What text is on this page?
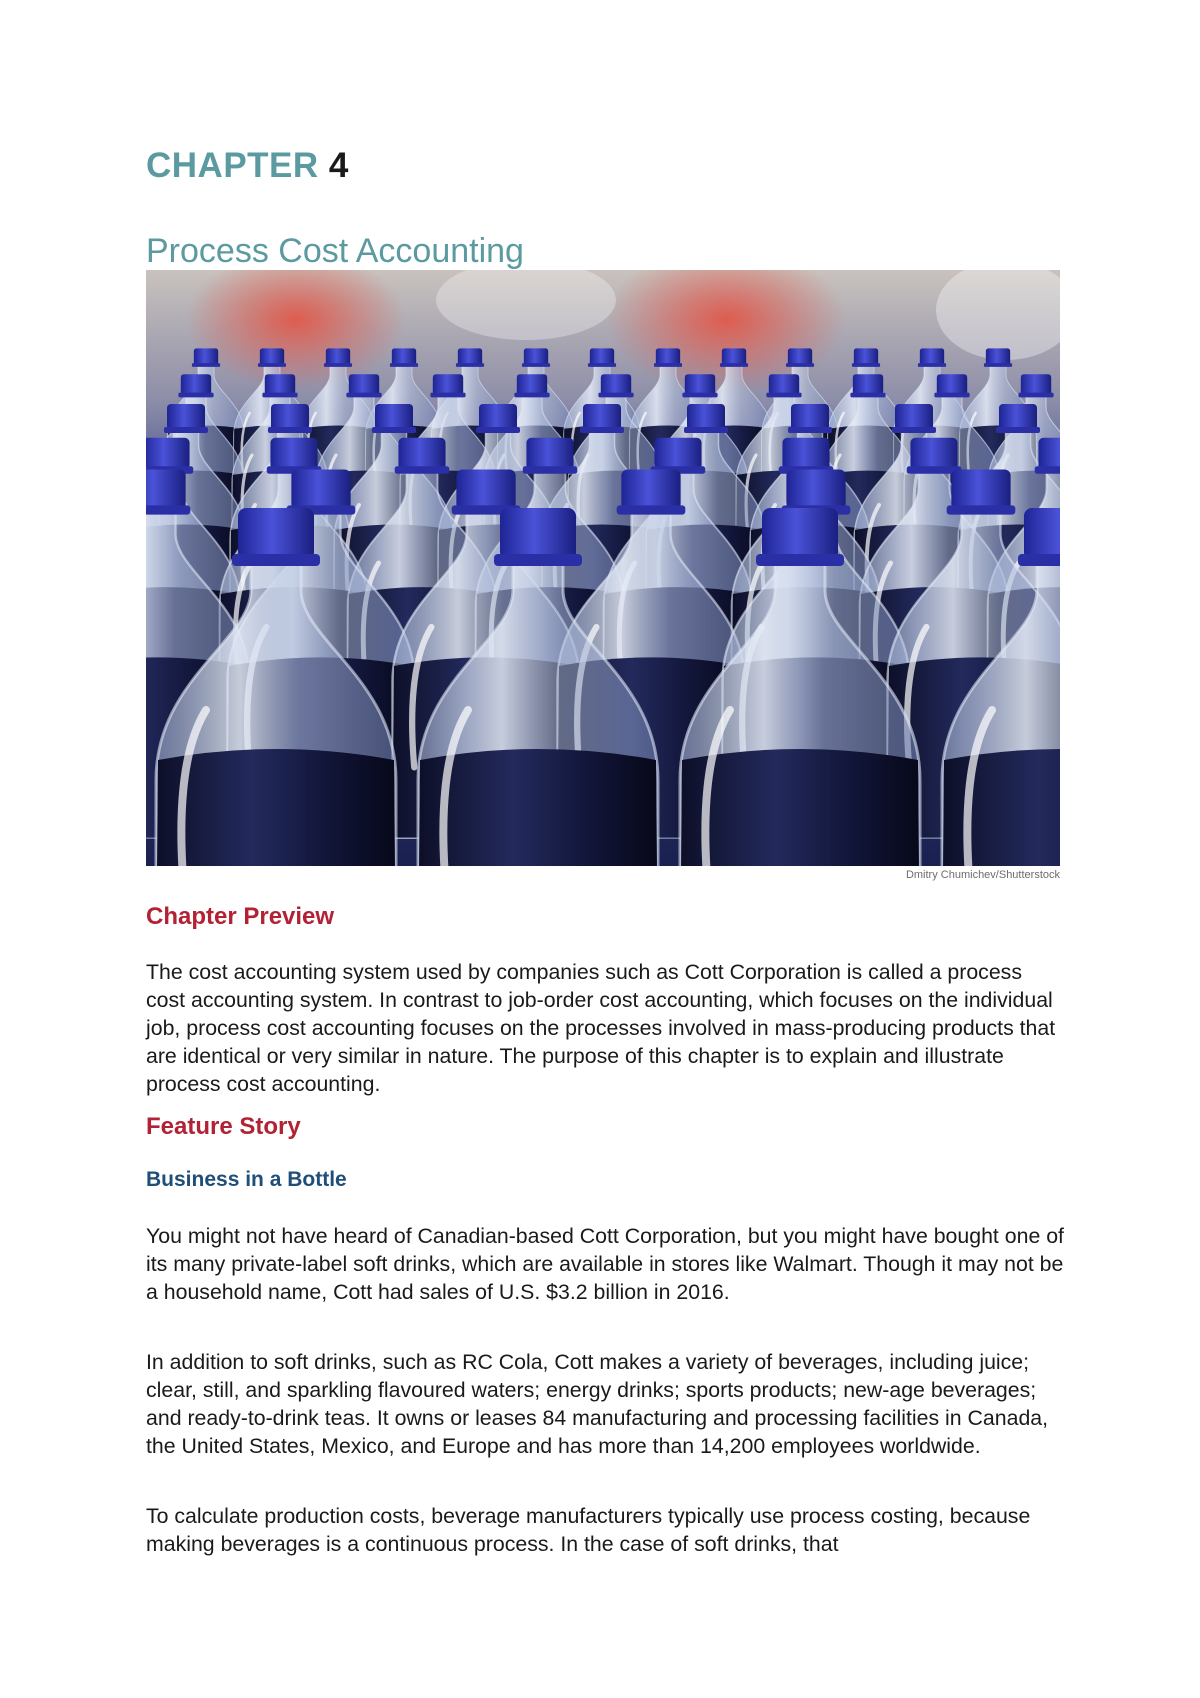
CHAPTER 4
Process Cost Accounting
Dmitry Chumichev/Shutterstock
Chapter Preview

The cost accounting system used by companies such as Cott Corporation is called a process cost accounting system. In contrast to job-order cost accounting, which focuses on the individual job, process cost accounting focuses on the processes involved in mass-producing products that are identical or very similar in nature. The purpose of this chapter is to explain and illustrate process cost accounting.

Feature Story
Business in a Bottle

You might not have heard of Canadian-based Cott Corporation, but you might have bought one of its many private-label soft drinks, which are available in stores like Walmart. Though it may not be a household name, Cott had sales of U.S. $3.2 billion in 2016.

In addition to soft drinks, such as RC Cola, Cott makes a variety of beverages, including juice; clear, still, and sparkling flavoured waters; energy drinks; sports products; new-age beverages; and ready-to-drink teas. It owns or leases 84 manufacturing and processing facilities in Canada, the United States, Mexico, and Europe and has more than 14,200 employees worldwide.

To calculate production costs, beverage manufacturers typically use process costing, because making beverages is a continuous process. In the case of soft drinks, that
